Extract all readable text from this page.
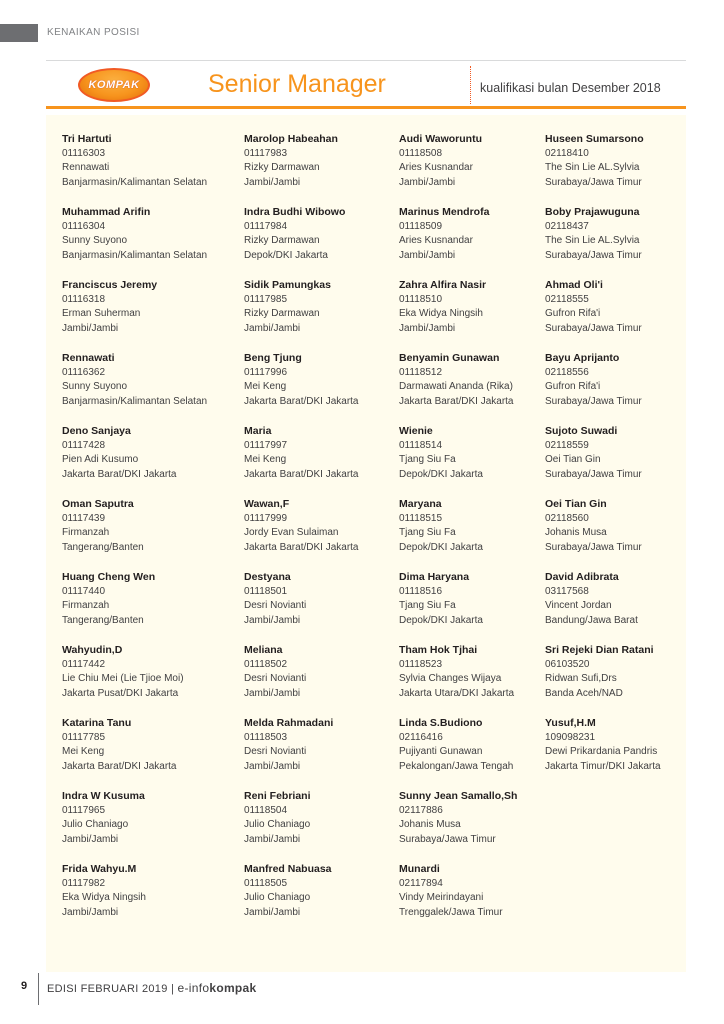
KENAIKAN POSISI
KOMPAK	Senior Manager	kualifikasi bulan Desember 2018
Tri Hartuti
01116303
Rennawati
Banjarmasin/Kalimantan Selatan
Muhammad Arifin
01116304
Sunny Suyono
Banjarmasin/Kalimantan Selatan
Franciscus Jeremy
01116318
Erman Suherman
Jambi/Jambi
Rennawati
01116362
Sunny Suyono
Banjarmasin/Kalimantan Selatan
Deno Sanjaya
01117428
Pien Adi Kusumo
Jakarta Barat/DKI Jakarta
Oman Saputra
01117439
Firmanzah
Tangerang/Banten
Huang Cheng Wen
01117440
Firmanzah
Tangerang/Banten
Wahyudin,D
01117442
Lie Chiu Mei (Lie Tjioe Moi)
Jakarta Pusat/DKI Jakarta
Katarina Tanu
01117785
Mei Keng
Jakarta Barat/DKI Jakarta
Indra W Kusuma
01117965
Julio Chaniago
Jambi/Jambi
Frida Wahyu.M
01117982
Eka Widya Ningsih
Jambi/Jambi
Marolop Habeahan
01117983
Rizky Darmawan
Jambi/Jambi
Indra Budhi Wibowo
01117984
Rizky Darmawan
Depok/DKI Jakarta
Sidik Pamungkas
01117985
Rizky Darmawan
Jambi/Jambi
Beng Tjung
01117996
Mei Keng
Jakarta Barat/DKI Jakarta
Maria
01117997
Mei Keng
Jakarta Barat/DKI Jakarta
Wawan,F
01117999
Jordy Evan Sulaiman
Jakarta Barat/DKI Jakarta
Destyana
01118501
Desri Novianti
Jambi/Jambi
Meliana
01118502
Desri Novianti
Jambi/Jambi
Melda Rahmadani
01118503
Desri Novianti
Jambi/Jambi
Reni Febriani
01118504
Julio Chaniago
Jambi/Jambi
Manfred Nabuasa
01118505
Julio Chaniago
Jambi/Jambi
Audi Waworuntu
01118508
Aries Kusnandar
Jambi/Jambi
Marinus Mendrofa
01118509
Aries Kusnandar
Jambi/Jambi
Zahra Alfira Nasir
01118510
Eka Widya Ningsih
Jambi/Jambi
Benyamin Gunawan
01118512
Darmawati Ananda (Rika)
Jakarta Barat/DKI Jakarta
Wienie
01118514
Tjang Siu Fa
Depok/DKI Jakarta
Maryana
01118515
Tjang Siu Fa
Depok/DKI Jakarta
Dima Haryana
01118516
Tjang Siu Fa
Depok/DKI Jakarta
Tham Hok Tjhai
01118523
Sylvia Changes Wijaya
Jakarta Utara/DKI Jakarta
Linda S.Budiono
02116416
Pujiyanti Gunawan
Pekalongan/Jawa Tengah
Sunny Jean Samallo,Sh
02117886
Johanis Musa
Surabaya/Jawa Timur
Munardi
02117894
Vindy Meirindayani
Trenggalek/Jawa Timur
Huseen Sumarsono
02118410
The Sin Lie AL.Sylvia
Surabaya/Jawa Timur
Boby Prajawuguna
02118437
The Sin Lie AL.Sylvia
Surabaya/Jawa Timur
Ahmad Oli'i
02118555
Gufron Rifa'i
Surabaya/Jawa Timur
Bayu Aprijanto
02118556
Gufron Rifa'i
Surabaya/Jawa Timur
Sujoto Suwadi
02118559
Oei Tian Gin
Surabaya/Jawa Timur
Oei Tian Gin
02118560
Johanis Musa
Surabaya/Jawa Timur
David Adibrata
03117568
Vincent Jordan
Bandung/Jawa Barat
Sri Rejeki Dian Ratani
06103520
Ridwan Sufi,Drs
Banda Aceh/NAD
Yusuf,H.M
109098231
Dewi Prikardania Pandris
Jakarta Timur/DKI Jakarta
9 EDISI FEBRUARI 2019 | e-infokompak
